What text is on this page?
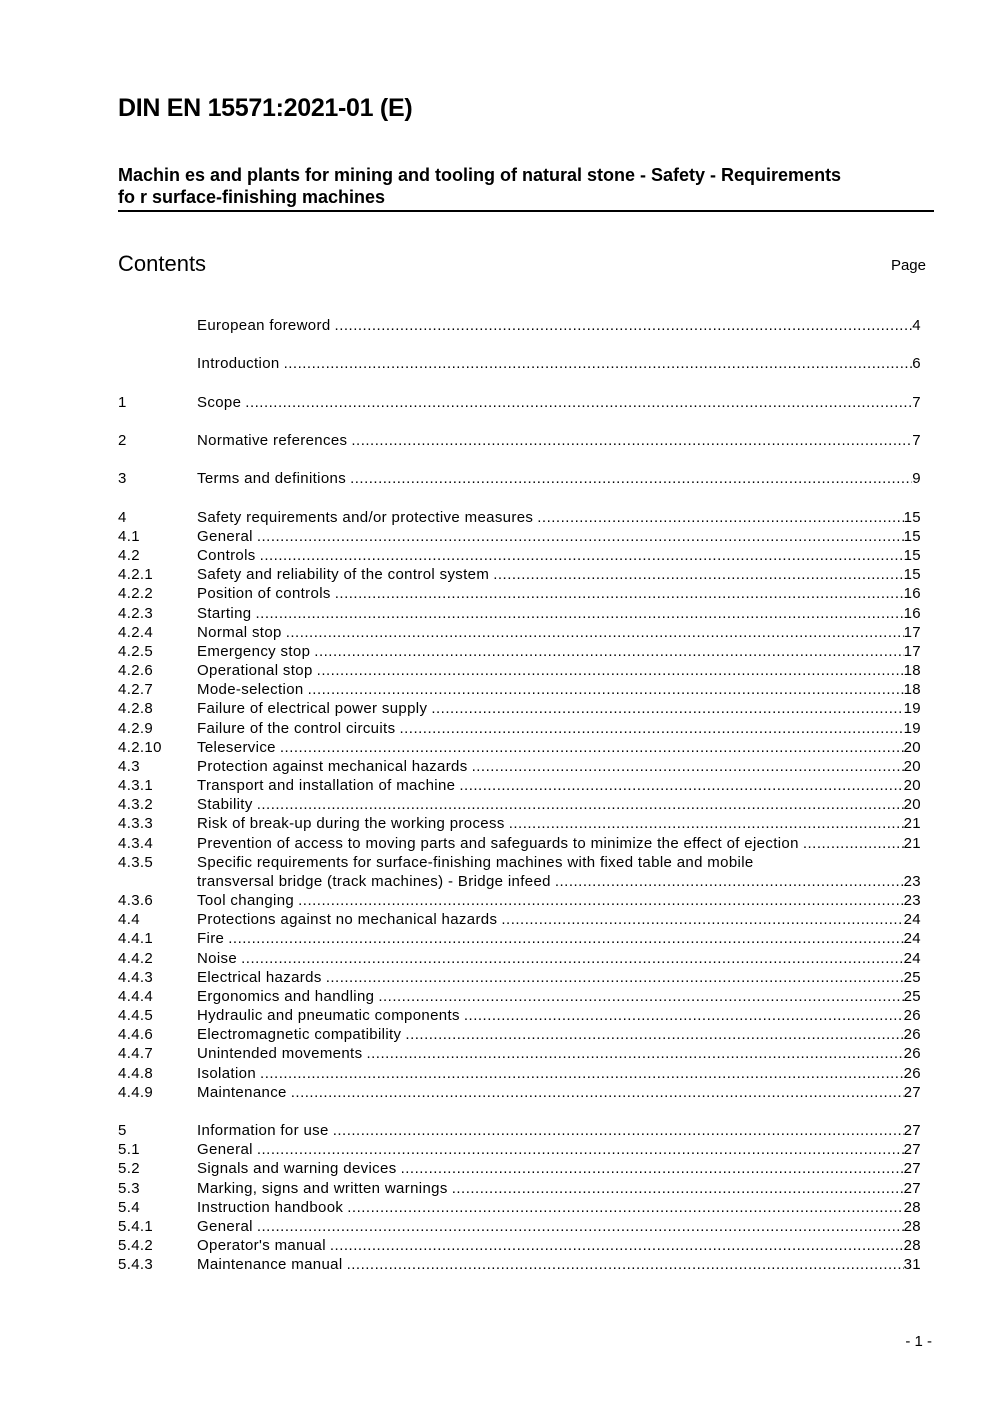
DIN EN 15571:2021-01 (E)
Machin es and plants for mining and tooling of natural stone - Safety - Requirements
fo r surface-finishing machines
Contents	Page
European foreword .....	4
Introduction .....	6
1	Scope .....	7
2	Normative references .....	7
3	Terms and definitions .....	9
4	Safety requirements and/or protective measures .....	15
4.1	General .....	15
4.2	Controls .....	15
4.2.1	Safety and reliability of the control system .....	15
4.2.2	Position of controls .....	16
4.2.3	Starting .....	16
4.2.4	Normal stop .....	17
4.2.5	Emergency stop .....	17
4.2.6	Operational stop .....	18
4.2.7	Mode-selection .....	18
4.2.8	Failure of electrical power supply .....	19
4.2.9	Failure of the control circuits .....	19
4.2.10	Teleservice .....	20
4.3	Protection against mechanical hazards .....	20
4.3.1	Transport and installation of machine .....	20
4.3.2	Stability .....	20
4.3.3	Risk of break-up during the working process .....	21
4.3.4	Prevention of access to moving parts and safeguards to minimize the effect of ejection .....	21
4.3.5	Specific requirements for surface-finishing machines with fixed table and mobile
transversal bridge (track machines) - Bridge infeed .....	23
4.3.6	Tool changing .....	23
4.4	Protections against no mechanical hazards .....	24
4.4.1	Fire .....	24
4.4.2	Noise .....	24
4.4.3	Electrical hazards .....	25
4.4.4	Ergonomics and handling .....	25
4.4.5	Hydraulic and pneumatic components .....	26
4.4.6	Electromagnetic compatibility .....	26
4.4.7	Unintended movements .....	26
4.4.8	Isolation .....	26
4.4.9	Maintenance .....	27
5	Information for use .....	27
5.1	General .....	27
5.2	Signals and warning devices .....	27
5.3	Marking, signs and written warnings .....	27
5.4	Instruction handbook .....	28
5.4.1	General .....	28
5.4.2	Operator's manual .....	28
5.4.3	Maintenance manual .....	31
- 1 -
